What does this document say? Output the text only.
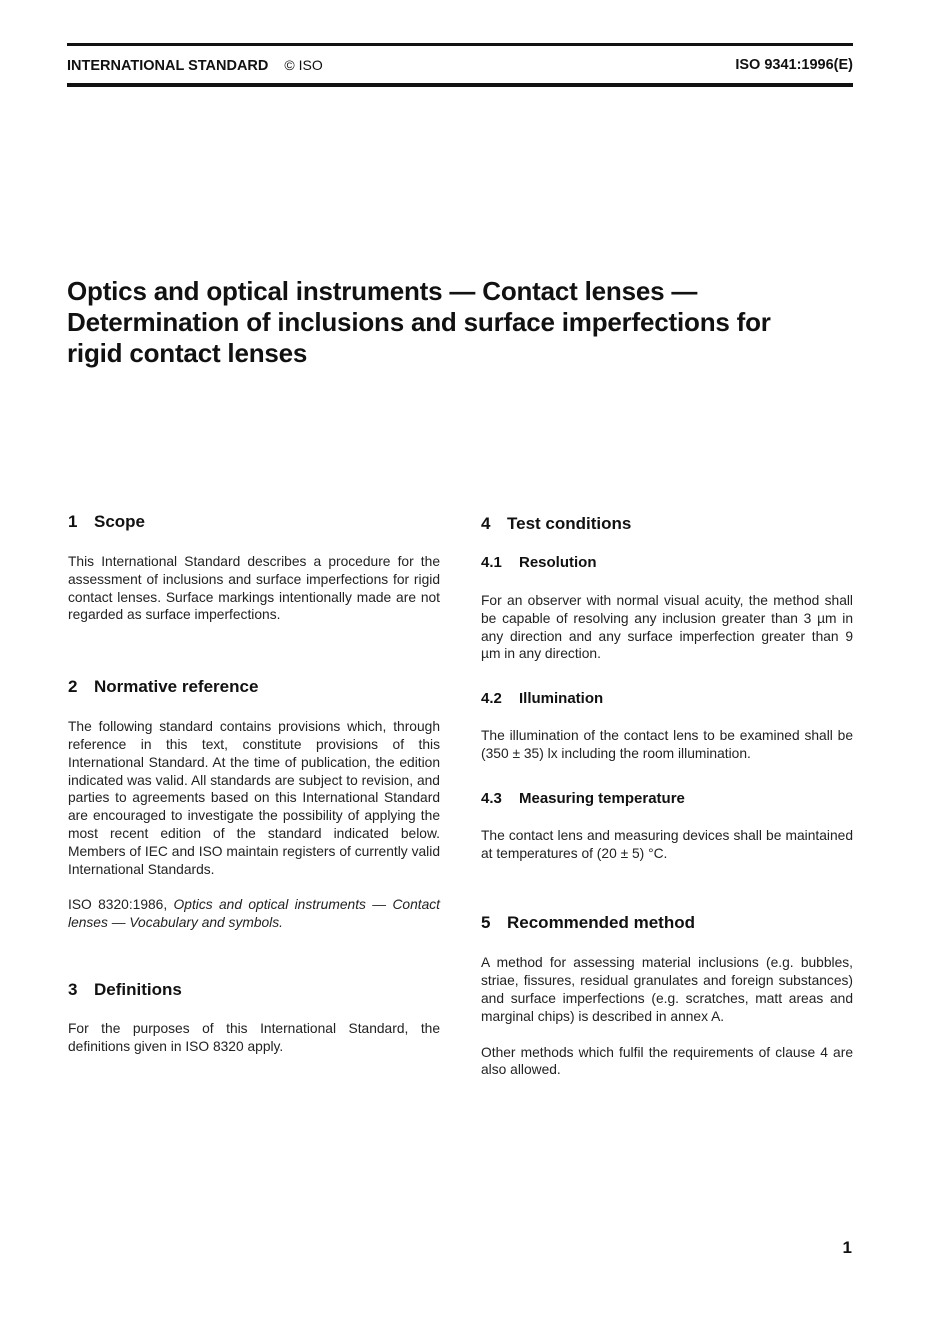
INTERNATIONAL STANDARD © ISO	ISO 9341:1996(E)
Optics and optical instruments — Contact lenses —
Determination of inclusions and surface imperfections for
rigid contact lenses
1 Scope

This International Standard describes a procedure for the assessment of inclusions and surface imperfections for rigid contact lenses. Surface markings intentionally made are not regarded as surface imperfections.

2 Normative reference

The following standard contains provisions which, through reference in this text, constitute provisions of this International Standard. At the time of publication, the edition indicated was valid. All standards are subject to revision, and parties to agreements based on this International Standard are encouraged to investigate the possibility of applying the most recent edition of the standard indicated below. Members of IEC and ISO maintain registers of currently valid International Standards.

ISO 8320:1986, Optics and optical instruments — Contact lenses — Vocabulary and symbols.

3 Definitions

For the purposes of this International Standard, the definitions given in ISO 8320 apply.

4 Test conditions
4.1 Resolution

For an observer with normal visual acuity, the method shall be capable of resolving any inclusion greater than 3 µm in any direction and any surface imperfection greater than 9 µm in any direction.

4.2 Illumination

The illumination of the contact lens to be examined shall be (350 ± 35) lx including the room illumination.

4.3 Measuring temperature

The contact lens and measuring devices shall be maintained at temperatures of (20 ± 5) °C.

5 Recommended method

A method for assessing material inclusions (e.g. bubbles, striae, fissures, residual granulates and foreign substances) and surface imperfections (e.g. scratches, matt areas and marginal chips) is described in annex A.

Other methods which fulfil the requirements of clause 4 are also allowed.

1
